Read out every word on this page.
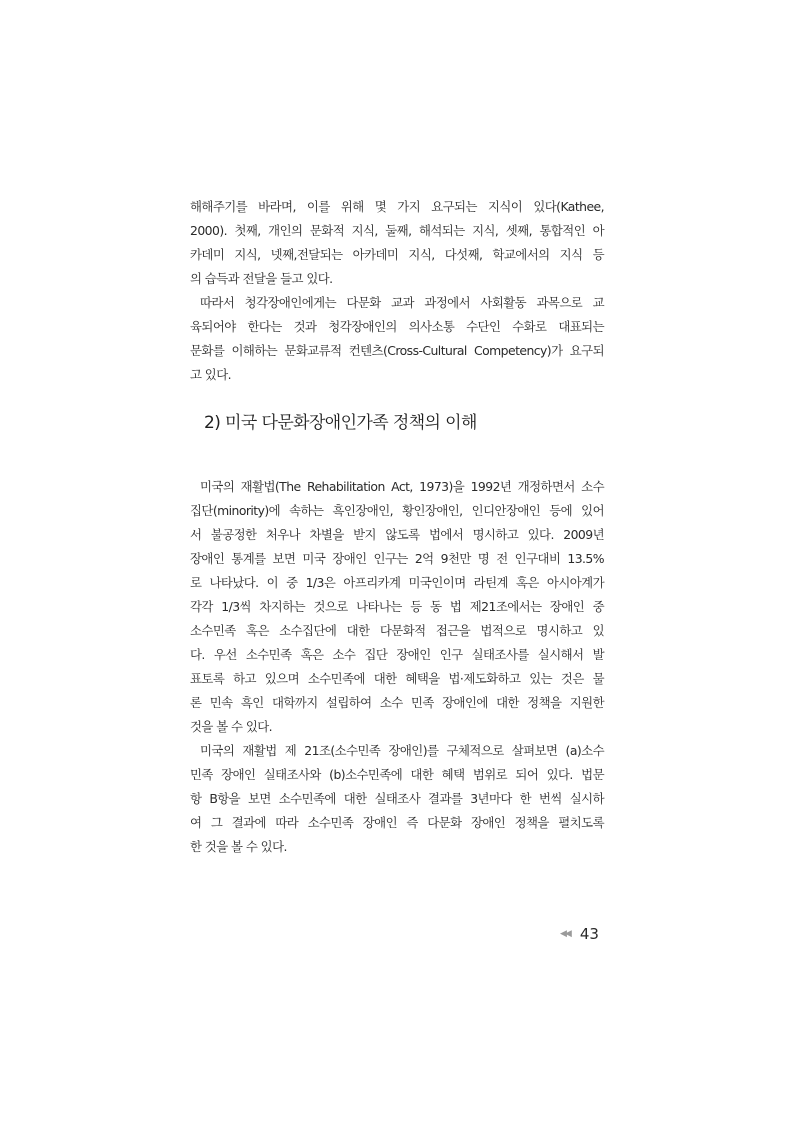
해해주기를 바라며, 이를 위해 몇 가지 요구되는 지식이 있다(Kathee,
2000). 첫째, 개인의 문화적 지식, 둘째, 해석되는 지식, 셋째, 통합적인 아
카데미 지식, 넷째,전달되는 아카데미 지식, 다섯째, 학교에서의 지식 등
의 습득과 전달을 들고 있다.
따라서 청각장애인에게는 다문화 교과 과정에서 사회활동 과목으로 교
육되어야 한다는 것과 청각장애인의 의사소통 수단인 수화로 대표되는
문화를 이해하는 문화교류적 컨텐츠(Cross-Cultural Competency)가 요구되
고 있다.
2) 미국 다문화장애인가족 정책의 이해
미국의 재활법(The Rehabilitation Act, 1973)을 1992년 개정하면서 소수
집단(minority)에 속하는 흑인장애인, 황인장애인, 인디안장애인 등에 있어
서 불공정한 처우나 차별을 받지 않도록 법에서 명시하고 있다. 2009년
장애인 통계를 보면 미국 장애인 인구는 2억 9천만 명 전 인구대비 13.5%
로 나타났다. 이 중 1/3은 아프리카계 미국인이며 라틴계 혹은 아시아계가
각각 1/3씩 차지하는 것으로 나타나는 등 동 법 제21조에서는 장애인 중
소수민족 혹은 소수집단에 대한 다문화적 접근을 법적으로 명시하고 있
다. 우선 소수민족 혹은 소수 집단 장애인 인구 실태조사를 실시해서 발
표토록 하고 있으며 소수민족에 대한 혜택을 법·제도화하고 있는 것은 물
론 민속 흑인 대학까지 설립하여 소수 민족 장애인에 대한 정책을 지원한
것을 볼 수 있다.
미국의 재활법 제 21조(소수민족 장애인)를 구체적으로 살펴보면 (a)소수
민족 장애인 실태조사와 (b)소수민족에 대한 혜택 범위로 되어 있다. 법문
항 B항을 보면 소수민족에 대한 실태조사 결과를 3년마다 한 번씩 실시하
여 그 결과에 따라 소수민족 장애인 즉 다문화 장애인 정책을 펼치도록
한 것을 볼 수 있다.
◀◀ 43
